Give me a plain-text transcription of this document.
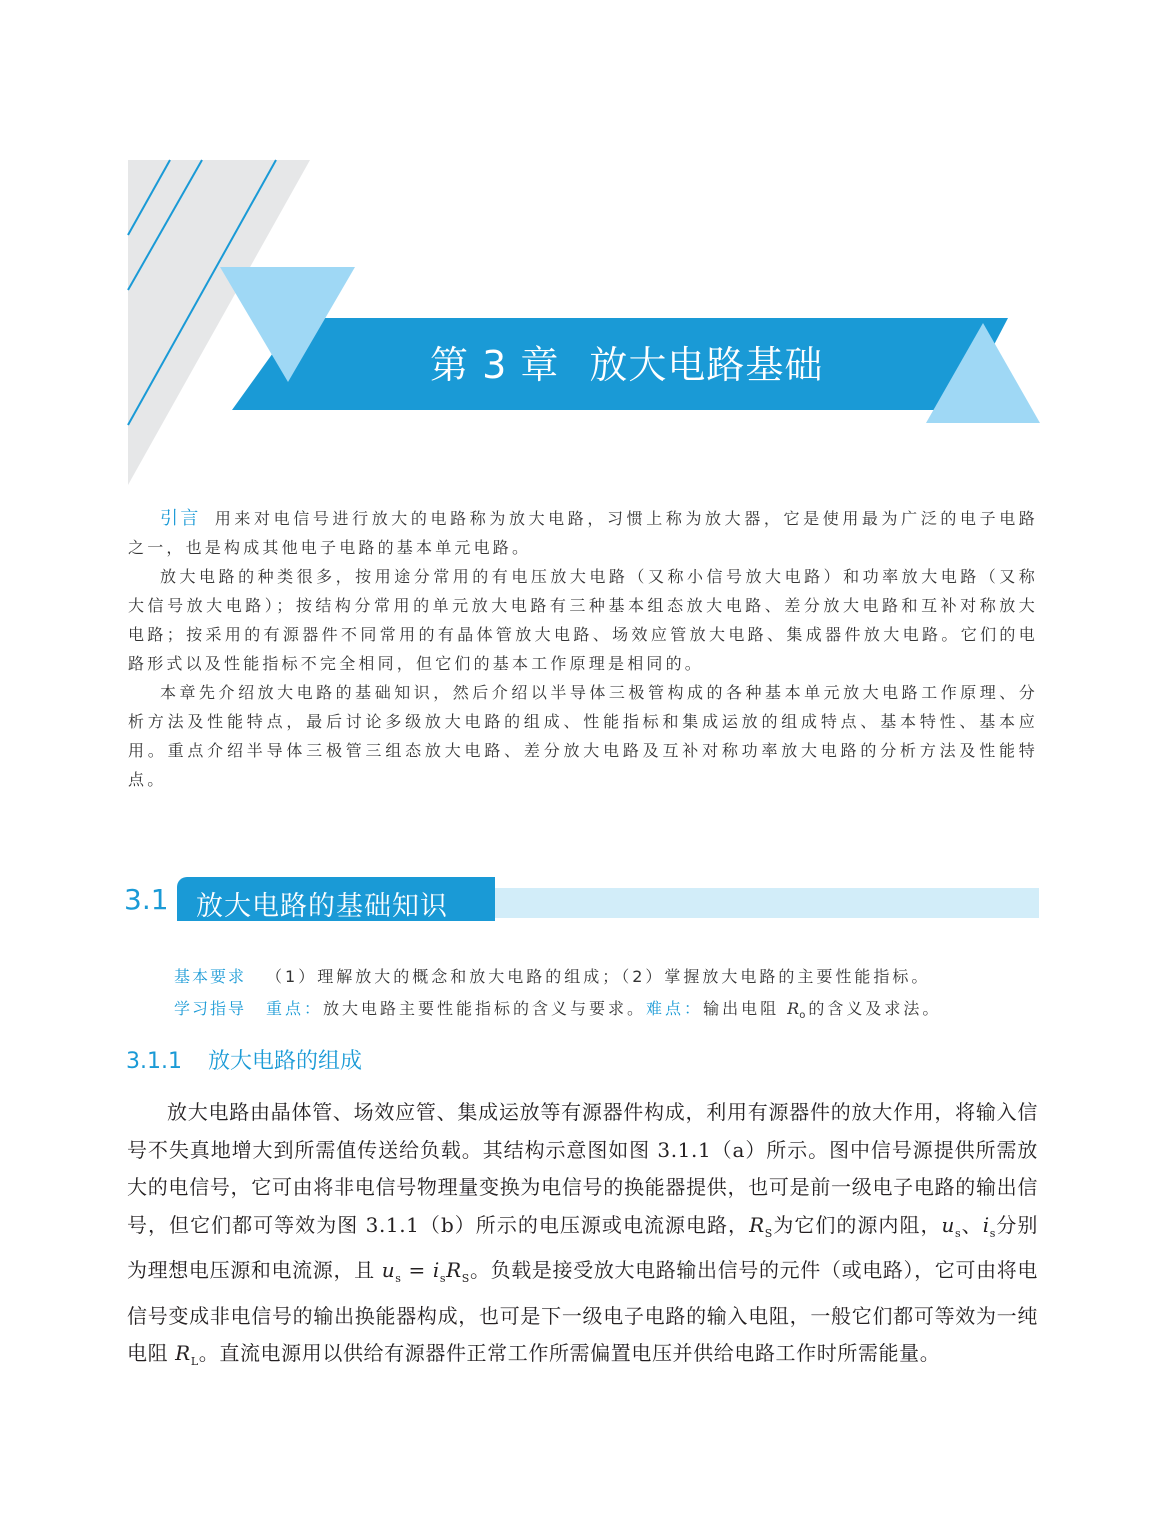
第 3 章 放大电路基础

引言 用来对电信号进行放大的电路称为放大电路，习惯上称为放大器，它是使用最为广泛的电子电路之一，也是构成其他电子电路的基本单元电路。

放大电路的种类很多，按用途分常用的有电压放大电路（又称小信号放大电路）和功率放大电路（又称大信号放大电路）；按结构分常用的单元放大电路有三种基本组态放大电路、差分放大电路和互补对称放大电路；按采用的有源器件不同常用的有晶体管放大电路、场效应管放大电路、集成器件放大电路。它们的电路形式以及性能指标不完全相同，但它们的基本工作原理是相同的。

本章先介绍放大电路的基础知识，然后介绍以半导体三极管构成的各种基本单元放大电路工作原理、分析方法及性能特点，最后讨论多级放大电路的组成、性能指标和集成运放的组成特点、基本特性、基本应用。重点介绍半导体三极管三组态放大电路、差分放大电路及互补对称功率放大电路的分析方法及性能特点。

3.1 放大电路的基础知识
基本要求 （1）理解放大的概念和放大电路的组成；（2）掌握放大电路的主要性能指标。
学习指导 重点：放大电路主要性能指标的含义与要求。难点：输出电阻 $R_o$的含义及求法。
3.1.1 放大电路的组成

放大电路由晶体管、场效应管、集成运放等有源器件构成，利用有源器件的放大作用，将输入信号不失真地增大到所需值传送给负载。其结构示意图如图 3.1.1（a）所示。图中信号源提供所需放大的电信号，它可由将非电信号物理量变换为电信号的换能器提供，也可是前一级电子电路的输出信号，但它们都可等效为图 3.1.1（b）所示的电压源或电流源电路，$R_S$为它们的源内阻，$u_s$、$i_s$分别为理想电压源和电流源，且 $u_s = i_sR_S$。负载是接受放大电路输出信号的元件（或电路），它可由将电信号变成非电信号的输出换能器构成，也可是下一级电子电路的输入电阻，一般它们都可等效为一纯电阻 $R_L$。直流电源用以供给有源器件正常工作所需偏置电压并供给电路工作时所需能量。
